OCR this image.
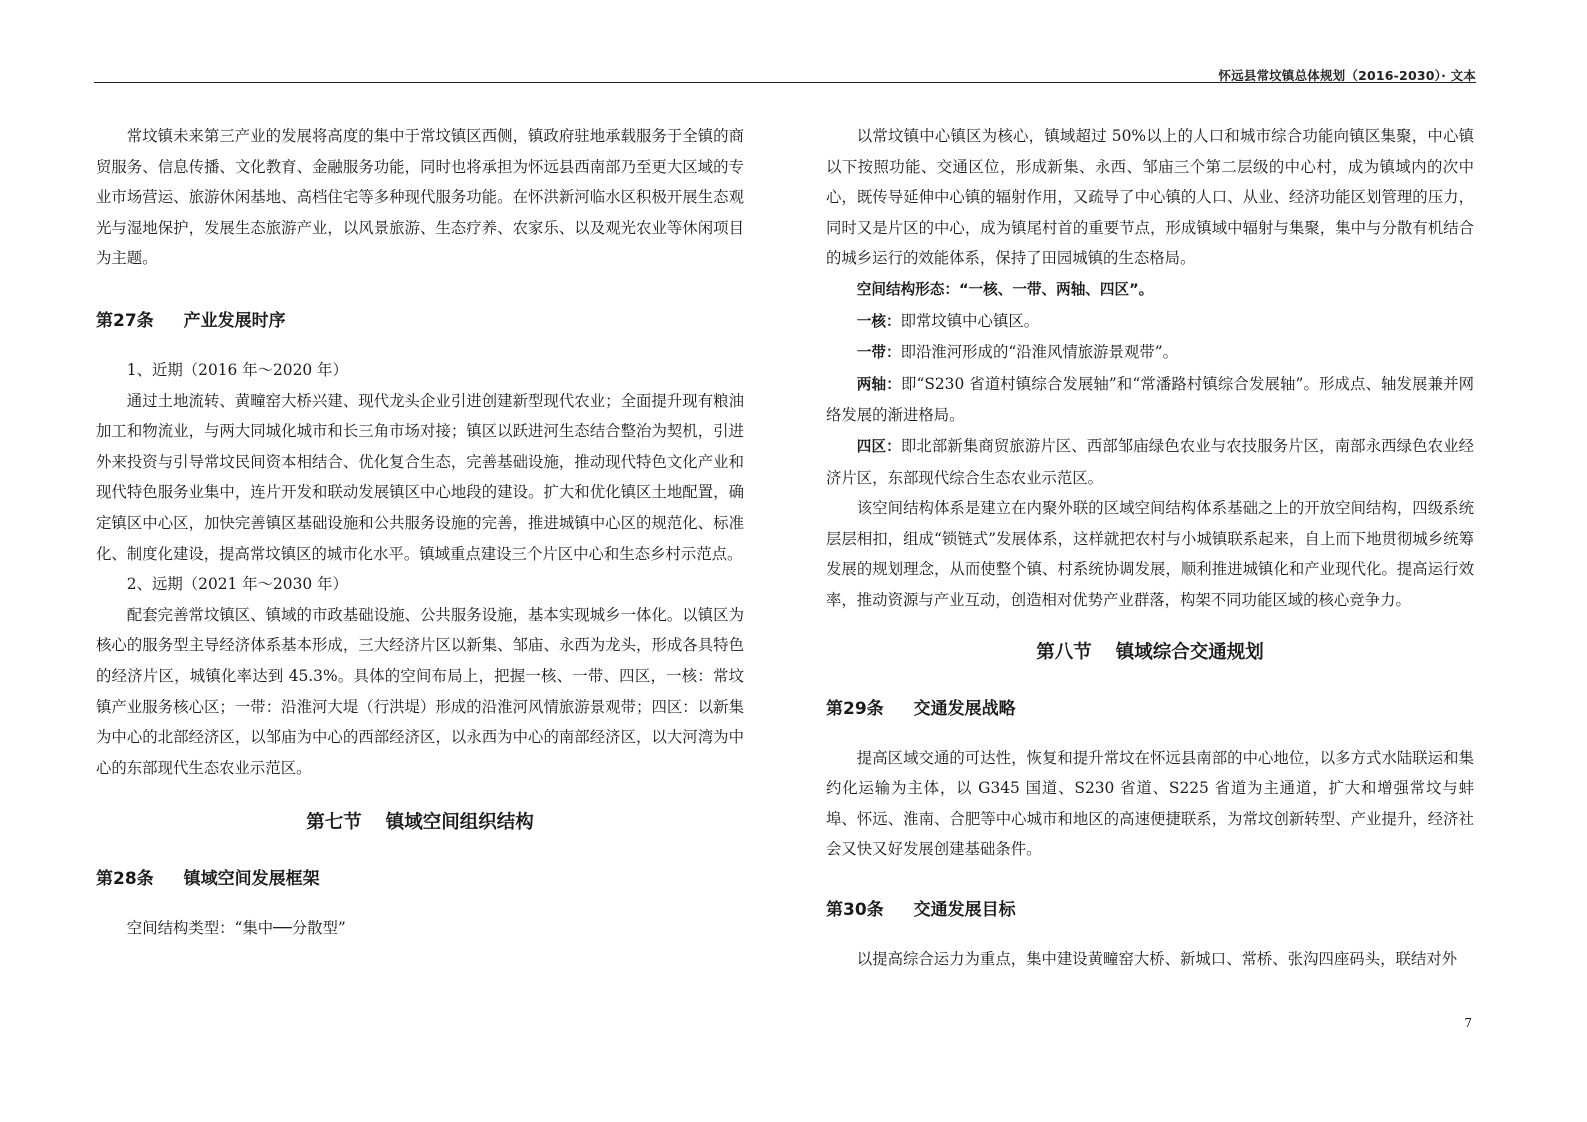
怀远县常坟镇总体规划（2016-2030）· 文本

常坟镇未来第三产业的发展将高度的集中于常坟镇区西侧，镇政府驻地承载服务于全镇的商贸服务、信息传播、文化教育、金融服务功能，同时也将承担为怀远县西南部乃至更大区域的专业市场营运、旅游休闲基地、高档住宅等多种现代服务功能。在怀洪新河临水区积极开展生态观光与湿地保护，发展生态旅游产业，以风景旅游、生态疗养、农家乐、以及观光农业等休闲项目为主题。

第27条 产业发展时序

1、近期（2016 年～2020 年）

通过土地流转、黄疃窑大桥兴建、现代龙头企业引进创建新型现代农业；全面提升现有粮油加工和物流业，与两大同城化城市和长三角市场对接；镇区以跃进河生态结合整治为契机，引进外来投资与引导常坟民间资本相结合、优化复合生态，完善基础设施，推动现代特色文化产业和现代特色服务业集中，连片开发和联动发展镇区中心地段的建设。扩大和优化镇区土地配置，确定镇区中心区，加快完善镇区基础设施和公共服务设施的完善，推进城镇中心区的规范化、标准化、制度化建设，提高常坟镇区的城市化水平。镇域重点建设三个片区中心和生态乡村示范点。

2、远期（2021 年～2030 年）

配套完善常坟镇区、镇域的市政基础设施、公共服务设施，基本实现城乡一体化。以镇区为核心的服务型主导经济体系基本形成，三大经济片区以新集、邹庙、永西为龙头，形成各具特色的经济片区，城镇化率达到 45.3%。具体的空间布局上，把握一核、一带、四区，一核：常坟镇产业服务核心区；一带：沿淮河大堤（行洪堤）形成的沿淮河风情旅游景观带；四区：以新集为中心的北部经济区，以邹庙为中心的西部经济区，以永西为中心的南部经济区，以大河湾为中心的东部现代生态农业示范区。

第七节 镇域空间组织结构
第28条 镇域空间发展框架

空间结构类型：“集中──分散型”

以常坟镇中心镇区为核心，镇域超过 50%以上的人口和城市综合功能向镇区集聚，中心镇以下按照功能、交通区位，形成新集、永西、邹庙三个第二层级的中心村，成为镇域内的次中心，既传导延伸中心镇的辐射作用，又疏导了中心镇的人口、从业、经济功能区划管理的压力，同时又是片区的中心，成为镇尾村首的重要节点，形成镇域中辐射与集聚，集中与分散有机结合的城乡运行的效能体系，保持了田园城镇的生态格局。

空间结构形态：“一核、一带、两轴、四区”。

一核：即常坟镇中心镇区。

一带：即沿淮河形成的“沿淮风情旅游景观带”。

两轴：即“S230 省道村镇综合发展轴”和“常潘路村镇综合发展轴”。形成点、轴发展兼并网络发展的渐进格局。

四区：即北部新集商贸旅游片区、西部邹庙绿色农业与农技服务片区，南部永西绿色农业经济片区，东部现代综合生态农业示范区。

该空间结构体系是建立在内聚外联的区域空间结构体系基础之上的开放空间结构，四级系统层层相扣，组成“锁链式”发展体系，这样就把农村与小城镇联系起来，自上而下地贯彻城乡统筹发展的规划理念，从而使整个镇、村系统协调发展，顺利推进城镇化和产业现代化。提高运行效率，推动资源与产业互动，创造相对优势产业群落，构架不同功能区域的核心竞争力。

第八节 镇域综合交通规划
第29条 交通发展战略

提高区域交通的可达性，恢复和提升常坟在怀远县南部的中心地位，以多方式水陆联运和集约化运输为主体，以 G345 国道、S230 省道、S225 省道为主通道，扩大和增强常坟与蚌埠、怀远、淮南、合肥等中心城市和地区的高速便捷联系，为常坟创新转型、产业提升，经济社会又快又好发展创建基础条件。

第30条 交通发展目标

以提高综合运力为重点，集中建设黄疃窑大桥、新城口、常桥、张沟四座码头，联结对外

7
